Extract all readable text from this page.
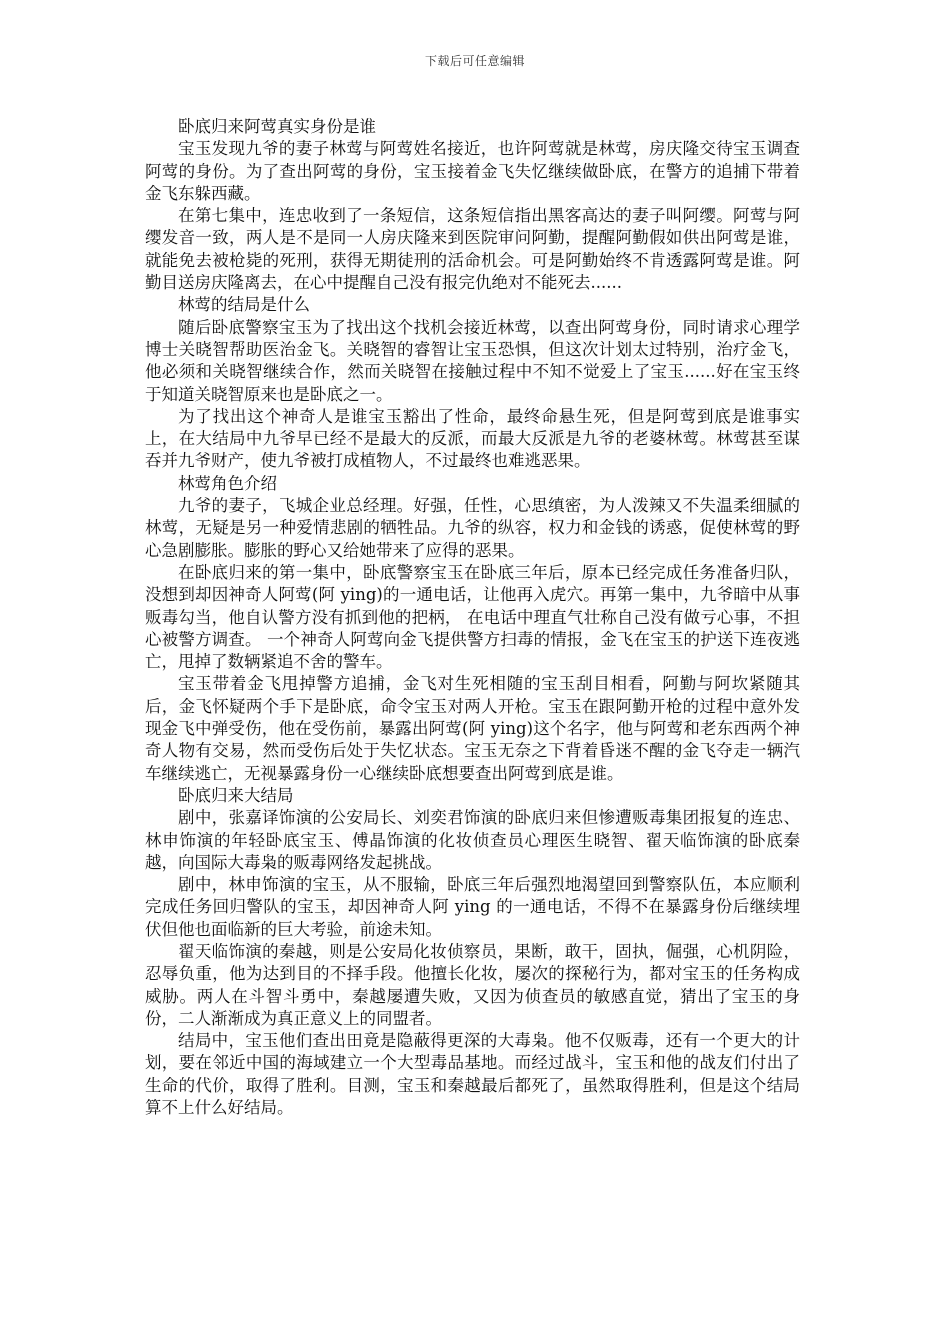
下载后可任意编辑

卧底归来阿莺真实身份是谁

宝玉发现九爷的妻子林莺与阿莺姓名接近，也许阿莺就是林莺，房庆隆交待宝玉调查阿莺的身份。为了查出阿莺的身份，宝玉接着金飞失忆继续做卧底，在警方的追捕下带着金飞东躲西藏。

在第七集中，连忠收到了一条短信，这条短信指出黑客高达的妻子叫阿缨。阿莺与阿缨发音一致，两人是不是同一人房庆隆来到医院审问阿勤，提醒阿勤假如供出阿莺是谁，就能免去被枪毙的死刑，获得无期徒刑的活命机会。可是阿勤始终不肯透露阿莺是谁。阿勤目送房庆隆离去，在心中提醒自己没有报完仇绝对不能死去......

林莺的结局是什么

随后卧底警察宝玉为了找出这个找机会接近林莺，以查出阿莺身份，同时请求心理学博士关晓智帮助医治金飞。关晓智的睿智让宝玉恐惧，但这次计划太过特别，治疗金飞，他必须和关晓智继续合作，然而关晓智在接触过程中不知不觉爱上了宝玉......好在宝玉终于知道关晓智原来也是卧底之一。

为了找出这个神奇人是谁宝玉豁出了性命，最终命悬生死，但是阿莺到底是谁事实上，在大结局中九爷早已经不是最大的反派，而最大反派是九爷的老婆林莺。林莺甚至谋吞并九爷财产，使九爷被打成植物人，不过最终也难逃恶果。

林莺角色介绍

九爷的妻子，飞城企业总经理。好强，任性，心思缜密，为人泼辣又不失温柔细腻的林莺，无疑是另一种爱情悲剧的牺牲品。九爷的纵容，权力和金钱的诱惑，促使林莺的野心急剧膨胀。膨胀的野心又给她带来了应得的恶果。

在卧底归来的第一集中，卧底警察宝玉在卧底三年后，原本已经完成任务准备归队，没想到却因神奇人阿莺(阿 ying)的一通电话，让他再入虎穴。再第一集中，九爷暗中从事贩毒勾当，他自认警方没有抓到他的把柄， 在电话中理直气壮称自己没有做亏心事，不担心被警方调查。 一个神奇人阿莺向金飞提供警方扫毒的情报，金飞在宝玉的护送下连夜逃亡，甩掉了数辆紧追不舍的警车。

宝玉带着金飞甩掉警方追捕，金飞对生死相随的宝玉刮目相看，阿勤与阿坎紧随其后，金飞怀疑两个手下是卧底，命令宝玉对两人开枪。宝玉在跟阿勤开枪的过程中意外发现金飞中弹受伤，他在受伤前，暴露出阿莺(阿 ying)这个名字，他与阿莺和老东西两个神奇人物有交易，然而受伤后处于失忆状态。宝玉无奈之下背着昏迷不醒的金飞夺走一辆汽车继续逃亡，无视暴露身份一心继续卧底想要查出阿莺到底是谁。

卧底归来大结局

剧中，张嘉译饰演的公安局长、刘奕君饰演的卧底归来但惨遭贩毒集团报复的连忠、林申饰演的年轻卧底宝玉、傅晶饰演的化妆侦查员心理医生晓智、翟天临饰演的卧底秦越，向国际大毒枭的贩毒网络发起挑战。

剧中，林申饰演的宝玉，从不服输，卧底三年后强烈地渴望回到警察队伍，本应顺利完成任务回归警队的宝玉，却因神奇人阿 ying 的一通电话，不得不在暴露身份后继续埋伏但他也面临新的巨大考验，前途未知。

翟天临饰演的秦越，则是公安局化妆侦察员，果断，敢干，固执，倔强，心机阴险，忍辱负重，他为达到目的不择手段。他擅长化妆，屡次的探秘行为，都对宝玉的任务构成威胁。两人在斗智斗勇中，秦越屡遭失败，又因为侦查员的敏感直觉，猜出了宝玉的身份，二人渐渐成为真正意义上的同盟者。

结局中，宝玉他们查出田竟是隐蔽得更深的大毒枭。他不仅贩毒，还有一个更大的计划，要在邻近中国的海域建立一个大型毒品基地。而经过战斗，宝玉和他的战友们付出了生命的代价，取得了胜利。目测，宝玉和秦越最后都死了，虽然取得胜利，但是这个结局算不上什么好结局。
